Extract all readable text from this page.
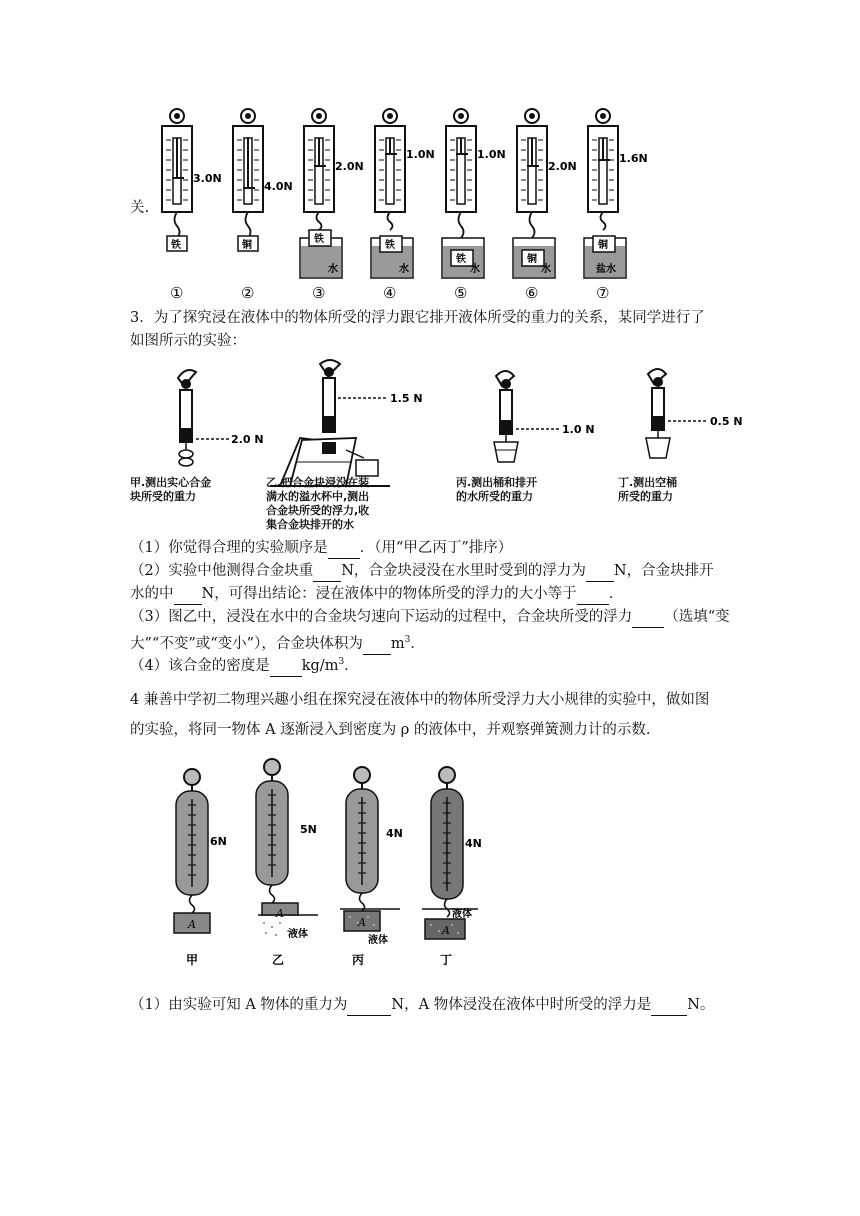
关.
3.0N
4.0N
2.0N
1.0N	1.0N
2.0N
1.6N
铁	铜
铁
水
铁
水
铁
水
铜
水
铜
盐水
①	②	③	④	⑤	⑥	⑦
3．为了探究浸在液体中的物体所受的浮力跟它排开液体所受的重力的关系，某同学进行了
如图所示的实验：
2.0 N
1.5 N
1.0 N
0.5 N
甲.测出实心合金
块所受的重力
乙.把合金块浸没在装
满水的溢水杯中,测出
合金块所受的浮力,收
集合金块排开的水
丙.测出桶和排开
的水所受的重力
丁.测出空桶
所受的重力
（1）你觉得合理的实验顺序是 ．（用“甲乙丙丁”排序）
（2）实验中他测得合金块重 N，合金块浸没在水里时受到的浮力为 N，合金块排开
水的中 N，可得出结论：浸在液体中的物体所受的浮力的大小等于 ．
（3）图乙中，浸没在水中的合金块匀速向下运动的过程中，合金块所受的浮力 （选填“变
大”“不变”或“变小”），合金块体积为 $m^3$．
（4）该合金的密度是 $kg/m^3$．
4 兼善中学初二物理兴趣小组在探究浸在液体中的物体所受浮力大小规律的实验中，做如图
的实验，将同一物体 A 逐渐浸入到密度为 ρ 的液体中，并观察弹簧测力计的示数.
A
6N
甲
A
液体
5N
乙
A
液体
4N
丙
A
液体
4N
丁
（1）由实验可知 A 物体的重力为	N，A 物体浸没在液体中时所受的浮力是 N。
